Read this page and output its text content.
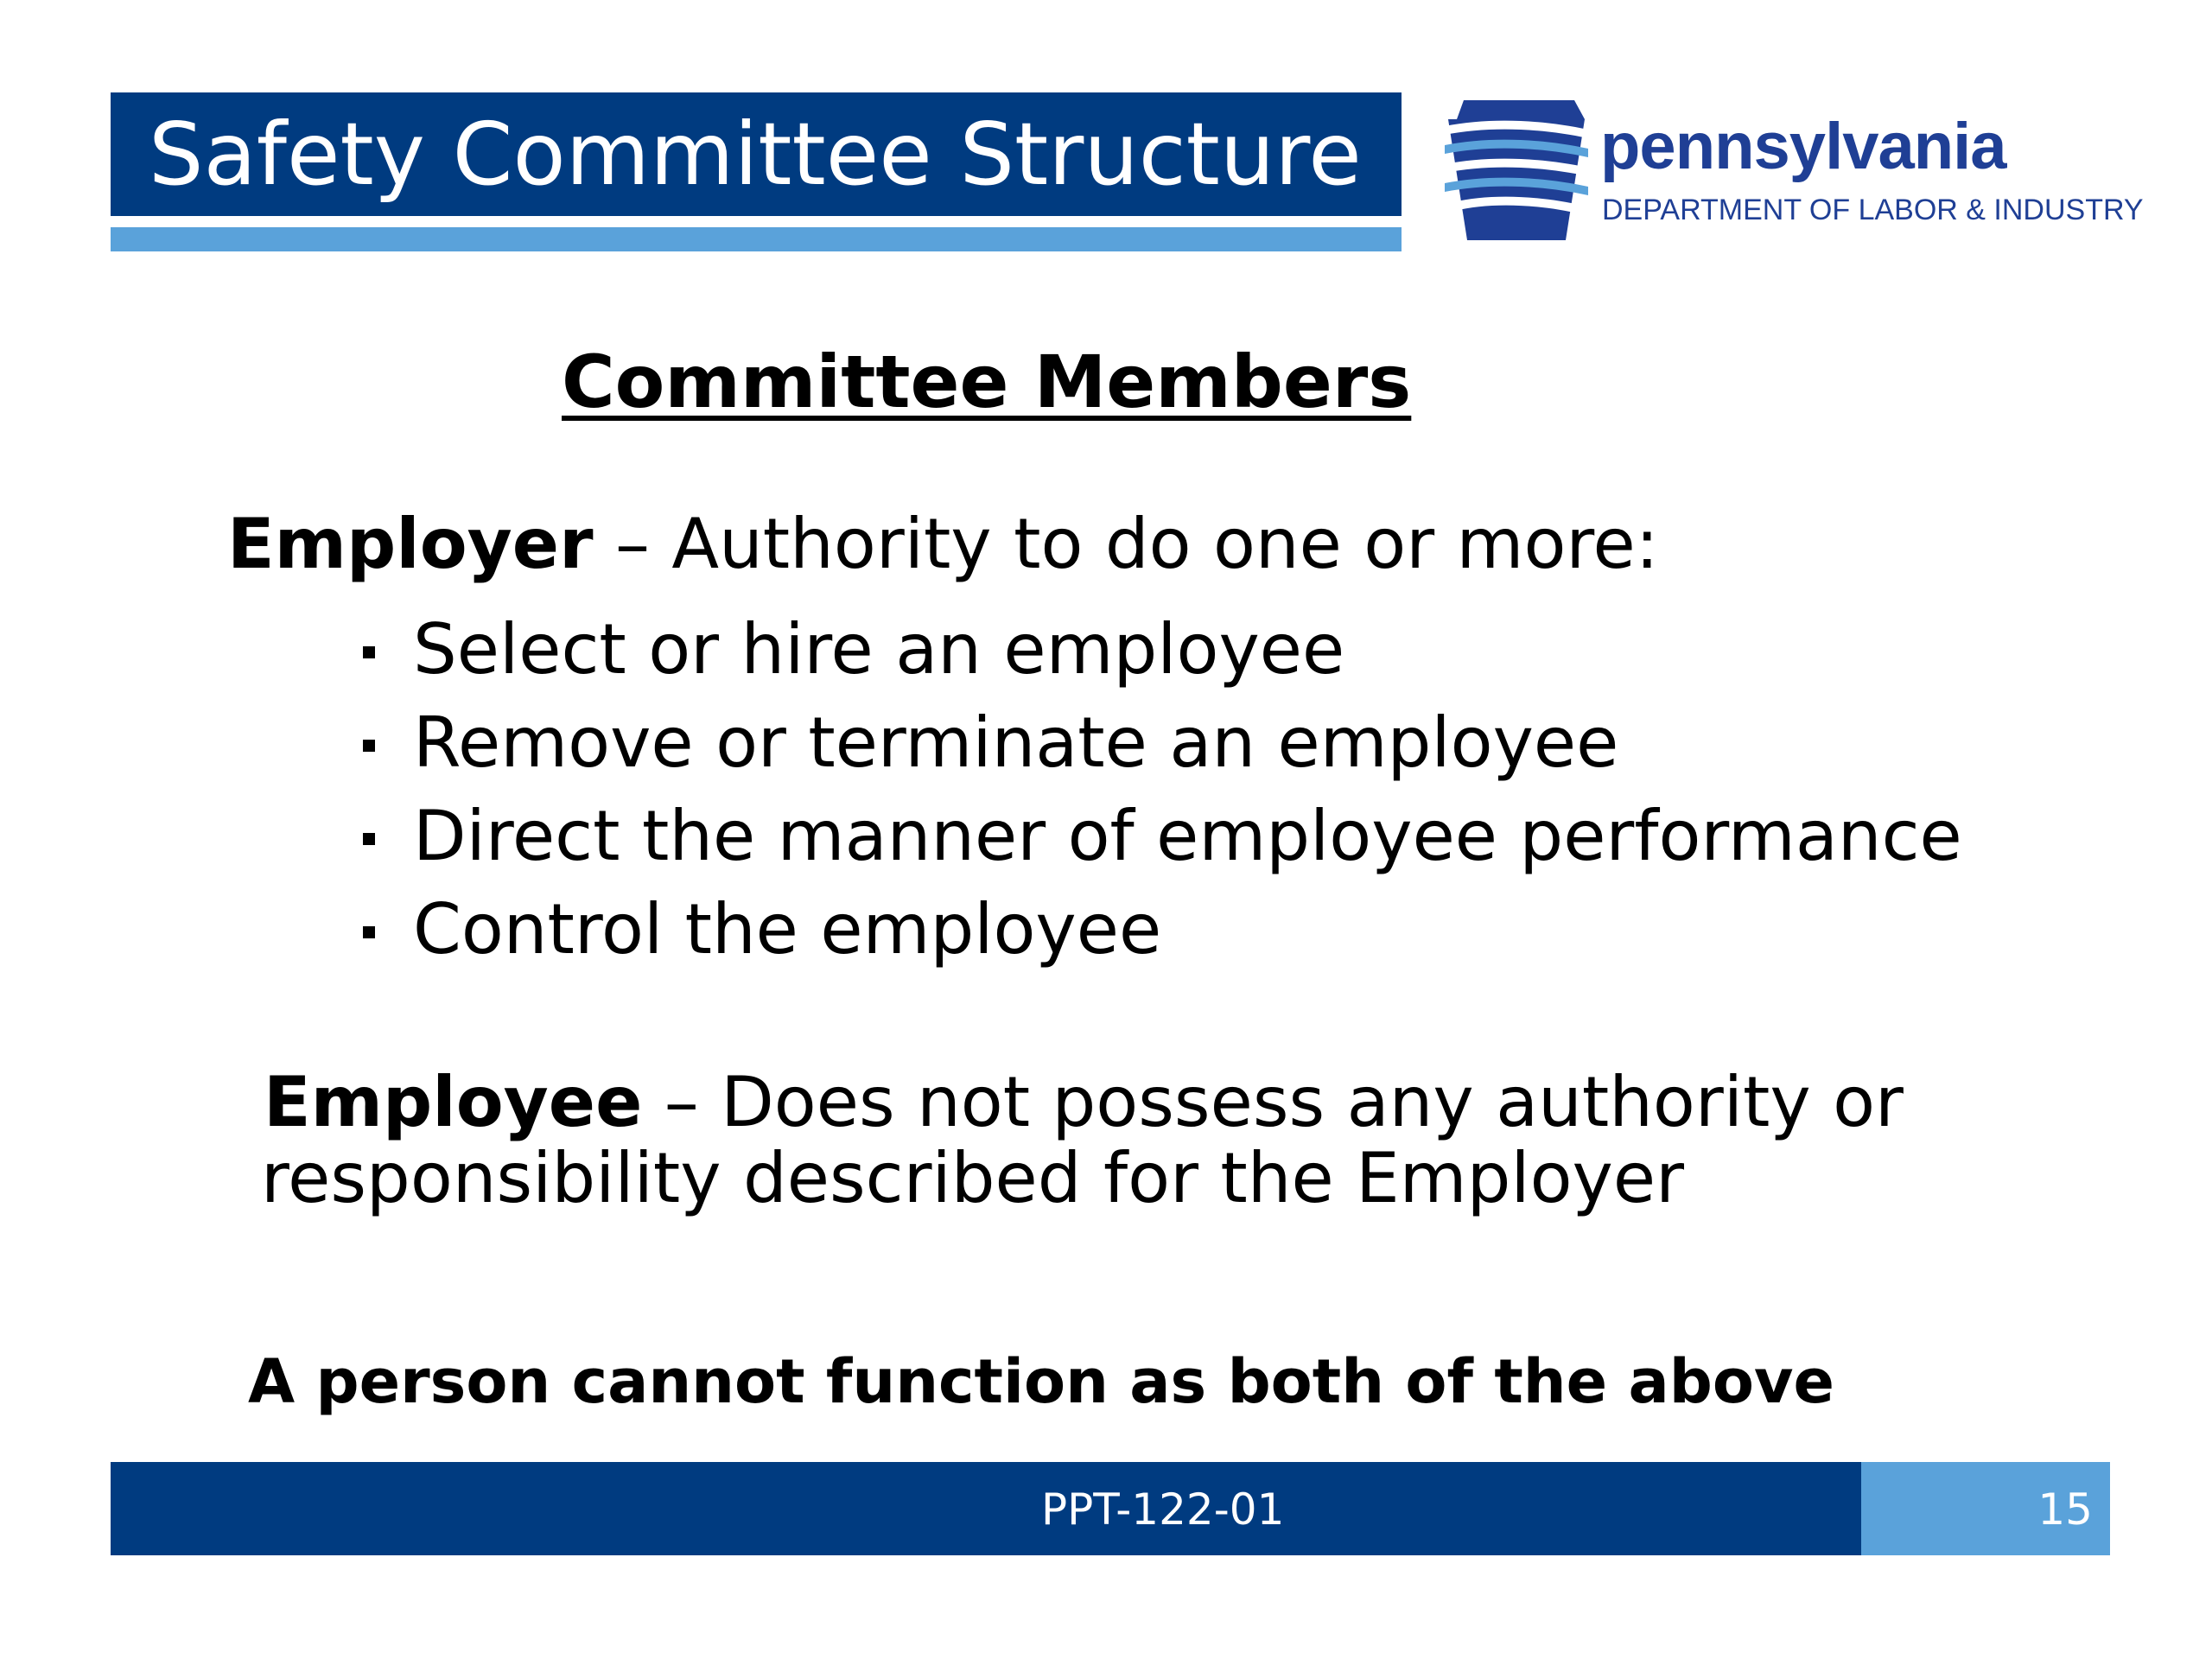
Safety Committee Structure	pennsylvania
DEPARTMENT OF LABOR & INDUSTRY
Committee Members
Employer – Authority to do one or more:
Select or hire an employee
Remove or terminate an employee
Direct the manner of employee performance
Control the employee
Employee – Does not possess any authority or
responsibility described for the Employer
A person cannot function as both of the above
PPT-122-01	15
